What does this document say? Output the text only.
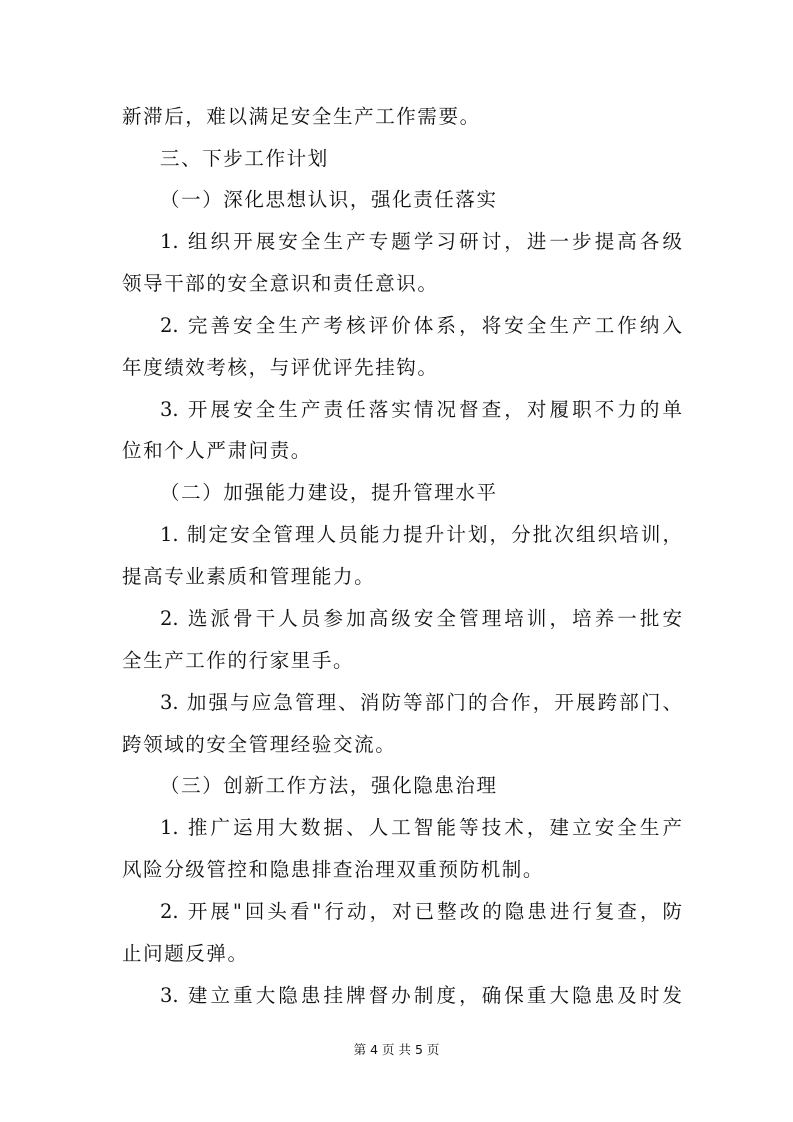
新滞后，难以满足安全生产工作需要。
三、下步工作计划
（一）深化思想认识，强化责任落实
1. 组织开展安全生产专题学习研讨，进一步提高各级
领导干部的安全意识和责任意识。
2. 完善安全生产考核评价体系，将安全生产工作纳入
年度绩效考核，与评优评先挂钩。
3. 开展安全生产责任落实情况督查，对履职不力的单
位和个人严肃问责。
（二）加强能力建设，提升管理水平
1. 制定安全管理人员能力提升计划，分批次组织培训，
提高专业素质和管理能力。
2. 选派骨干人员参加高级安全管理培训，培养一批安
全生产工作的行家里手。
3. 加强与应急管理、消防等部门的合作，开展跨部门、
跨领域的安全管理经验交流。
（三）创新工作方法，强化隐患治理
1. 推广运用大数据、人工智能等技术，建立安全生产
风险分级管控和隐患排查治理双重预防机制。
2. 开展"回头看"行动，对已整改的隐患进行复查，防
止问题反弹。
3. 建立重大隐患挂牌督办制度，确保重大隐患及时发
第 4 页 共 5 页
